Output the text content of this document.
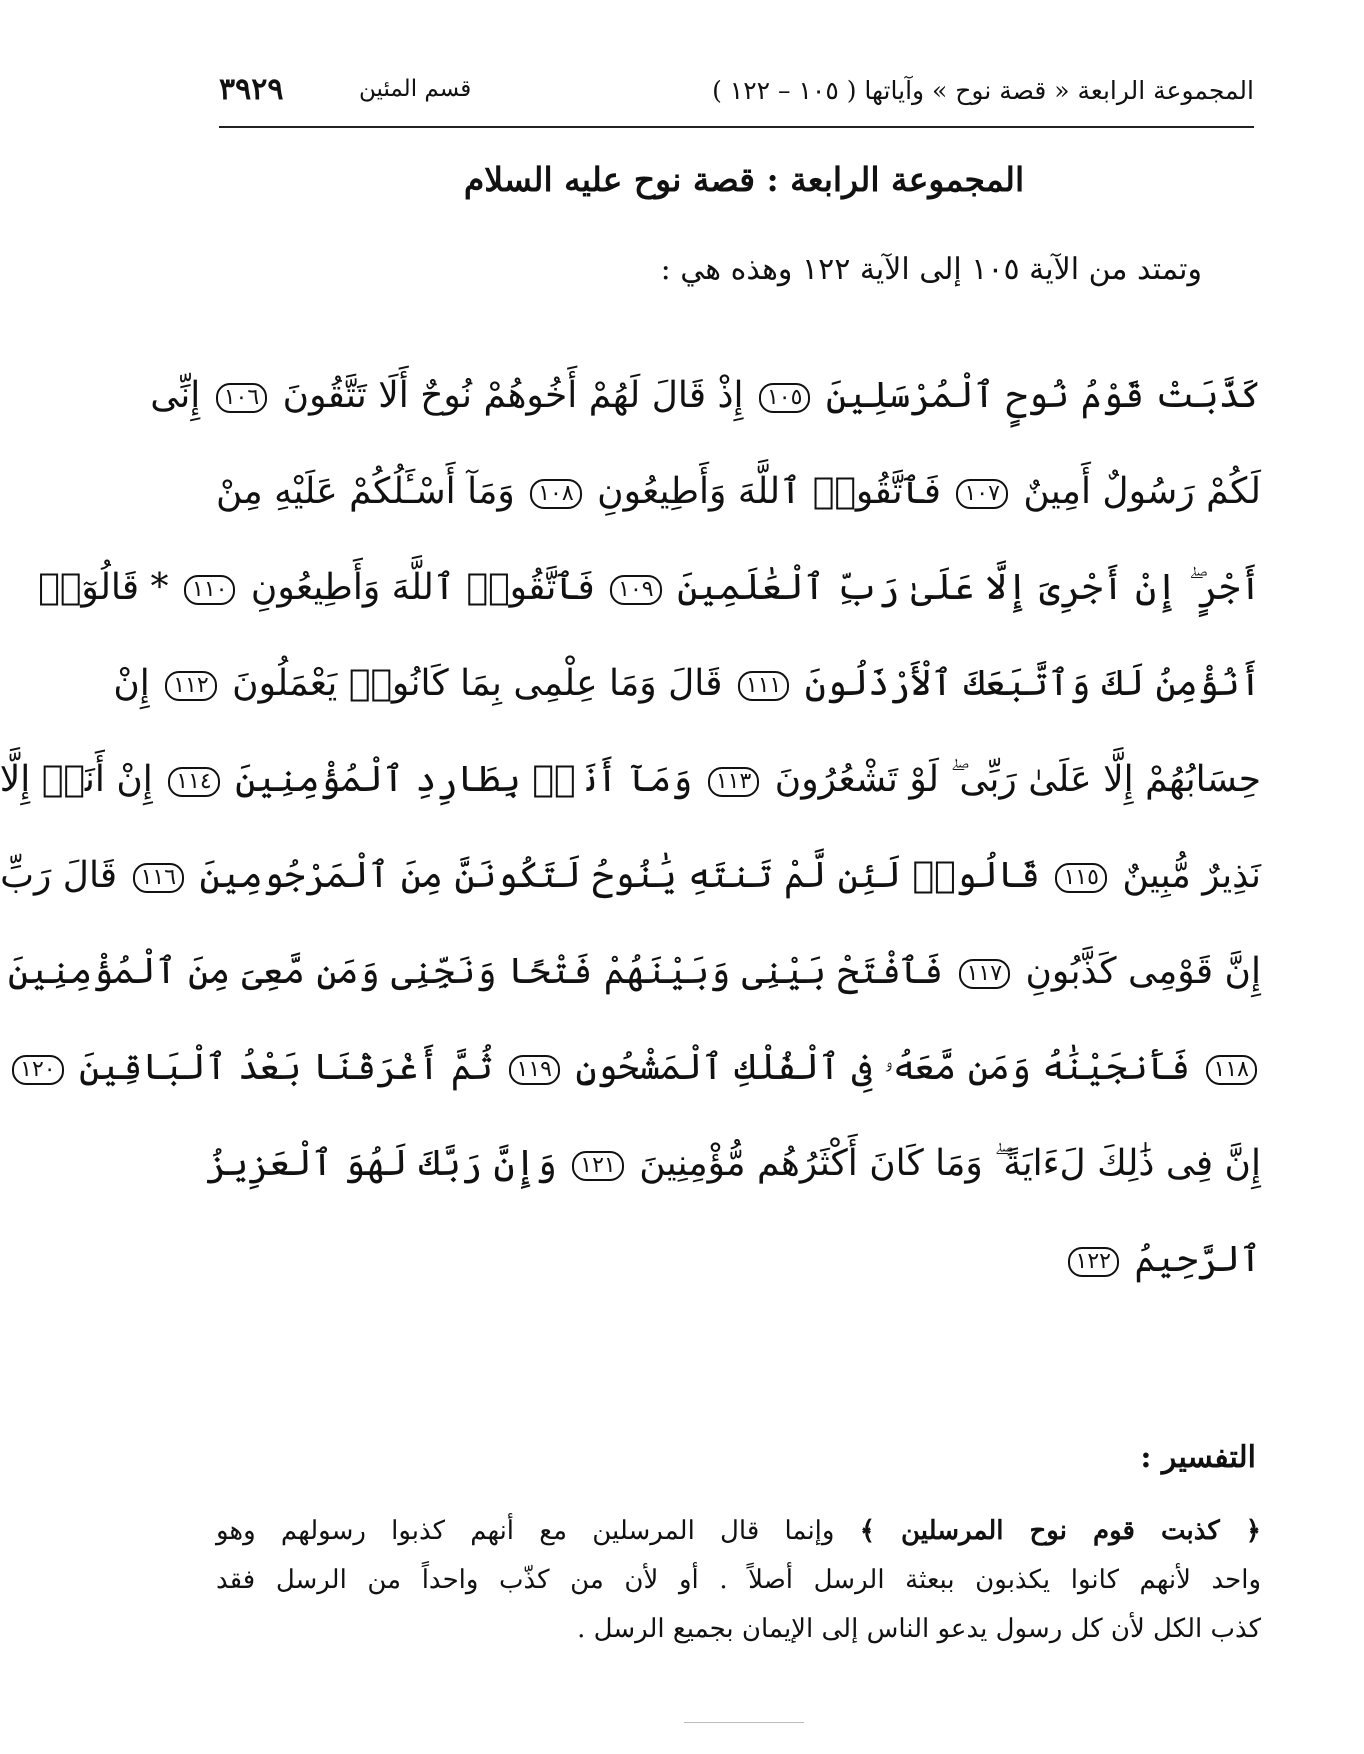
المجموعة الرابعة « قصة نوح » وآياتها ( ١٠٥ – ١٢٢ )
قسم المئين
٣٩٢٩
المجموعة الرابعة : قصة نوح عليه السلام
وتمتد من الآية ١٠٥ إلى الآية ١٢٢ وهذه هي :
كَذَّبَتْ قَوْمُ نُوحٍ ٱلْمُرْسَلِينَ ١٠٥ إِذْ قَالَ لَهُمْ أَخُوهُمْ نُوحٌ أَلَا تَتَّقُونَ ١٠٦ إِنِّى
لَكُمْ رَسُولٌ أَمِينٌ ١٠٧ فَٱتَّقُوا۟ ٱللَّهَ وَأَطِيعُونِ ١٠٨ وَمَآ أَسْـَٔلُكُمْ عَلَيْهِ مِنْ
أَجْرٍ ۖ إِنْ أَجْرِىَ إِلَّا عَلَىٰ رَبِّ ٱلْعَٰلَمِينَ ١٠٩ فَٱتَّقُوا۟ ٱللَّهَ وَأَطِيعُونِ ١١٠ * قَالُوٓا۟
أَنُؤْمِنُ لَكَ وَٱتَّبَعَكَ ٱلْأَرْذَلُونَ ١١١ قَالَ وَمَا عِلْمِى بِمَا كَانُوا۟ يَعْمَلُونَ ١١٢ إِنْ
حِسَابُهُمْ إِلَّا عَلَىٰ رَبِّى ۖ لَوْ تَشْعُرُونَ ١١٣ وَمَآ أَنَا۠ بِطَارِدِ ٱلْمُؤْمِنِينَ ١١٤ إِنْ أَنَا۠ إِلَّا
نَذِيرٌ مُّبِينٌ ١١٥ قَالُوا۟ لَئِن لَّمْ تَنتَهِ يَٰنُوحُ لَتَكُونَنَّ مِنَ ٱلْمَرْجُومِينَ ١١٦ قَالَ رَبِّ
إِنَّ قَوْمِى كَذَّبُونِ ١١٧ فَٱفْتَحْ بَيْنِى وَبَيْنَهُمْ فَتْحًا وَنَجِّنِى وَمَن مَّعِىَ مِنَ ٱلْمُؤْمِنِينَ
١١٨ فَأَنجَيْنَٰهُ وَمَن مَّعَهُۥ فِى ٱلْفُلْكِ ٱلْمَشْحُونِ ١١٩ ثُمَّ أَغْرَقْنَا بَعْدُ ٱلْبَاقِينَ ١٢٠
إِنَّ فِى ذَٰلِكَ لَءَايَةً ۖ وَمَا كَانَ أَكْثَرُهُم مُّؤْمِنِينَ ١٢١ وَإِنَّ رَبَّكَ لَهُوَ ٱلْعَزِيزُ
ٱلرَّحِيمُ ١٢٢
التفسير :
﴿ كذبت قوم نوح المرسلين ﴾ وإنما قال المرسلين مع أنهم كذبوا رسولهم وهو
واحد لأنهم كانوا يكذبون ببعثة الرسل أصلاً . أو لأن من كذّب واحداً من الرسل فقد
كذب الكل لأن كل رسول يدعو الناس إلى الإيمان بجميع الرسل .
